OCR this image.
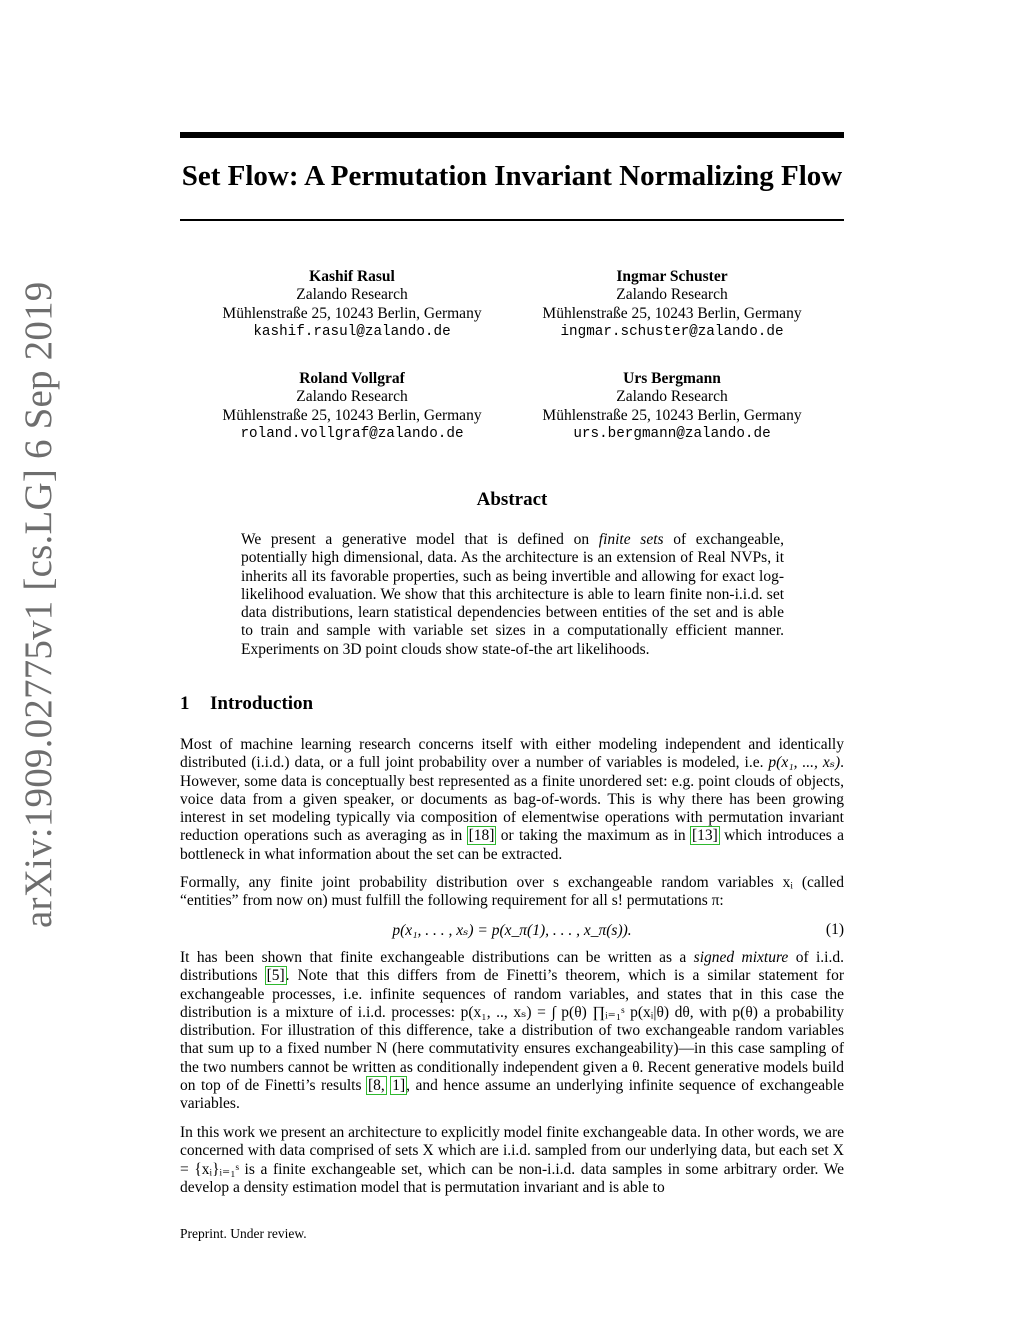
arXiv:1909.02775v1 [cs.LG] 6 Sep 2019
Set Flow: A Permutation Invariant Normalizing Flow
Kashif Rasul
Zalando Research
Mühlenstraße 25, 10243 Berlin, Germany
kashif.rasul@zalando.de
Ingmar Schuster
Zalando Research
Mühlenstraße 25, 10243 Berlin, Germany
ingmar.schuster@zalando.de
Roland Vollgraf
Zalando Research
Mühlenstraße 25, 10243 Berlin, Germany
roland.vollgraf@zalando.de
Urs Bergmann
Zalando Research
Mühlenstraße 25, 10243 Berlin, Germany
urs.bergmann@zalando.de
Abstract
We present a generative model that is defined on finite sets of exchangeable, potentially high dimensional, data. As the architecture is an extension of Real NVPs, it inherits all its favorable properties, such as being invertible and allowing for exact log-likelihood evaluation. We show that this architecture is able to learn finite non-i.i.d. set data distributions, learn statistical dependencies between entities of the set and is able to train and sample with variable set sizes in a computationally efficient manner. Experiments on 3D point clouds show state-of-the art likelihoods.
1 Introduction
Most of machine learning research concerns itself with either modeling independent and identically distributed (i.i.d.) data, or a full joint probability over a number of variables is modeled, i.e. p(x₁, ..., xₛ). However, some data is conceptually best represented as a finite unordered set: e.g. point clouds of objects, voice data from a given speaker, or documents as bag-of-words. This is why there has been growing interest in set modeling typically via composition of elementwise operations with permutation invariant reduction operations such as averaging as in [18] or taking the maximum as in [13] which introduces a bottleneck in what information about the set can be extracted.
Formally, any finite joint probability distribution over s exchangeable random variables xᵢ (called “entities” from now on) must fulfill the following requirement for all s! permutations π:
p(x₁, . . . , xₛ) = p(x_π(1), . . . , x_π(s)).	(1)
It has been shown that finite exchangeable distributions can be written as a signed mixture of i.i.d. distributions [5]. Note that this differs from de Finetti’s theorem, which is a similar statement for exchangeable processes, i.e. infinite sequences of random variables, and states that in this case the distribution is a mixture of i.i.d. processes: p(x₁, .., xₛ) = ∫ p(θ) ∏ᵢ₌₁ˢ p(xᵢ|θ) dθ, with p(θ) a probability distribution. For illustration of this difference, take a distribution of two exchangeable random variables that sum up to a fixed number N (here commutativity ensures exchangeability)—in this case sampling of the two numbers cannot be written as conditionally independent given a θ. Recent generative models build on top of de Finetti’s results [8, 1], and hence assume an underlying infinite sequence of exchangeable variables.
In this work we present an architecture to explicitly model finite exchangeable data. In other words, we are concerned with data comprised of sets X which are i.i.d. sampled from our underlying data, but each set X = {xᵢ}ᵢ₌₁ˢ is a finite exchangeable set, which can be non-i.i.d. data samples in some arbitrary order. We develop a density estimation model that is permutation invariant and is able to
Preprint. Under review.
